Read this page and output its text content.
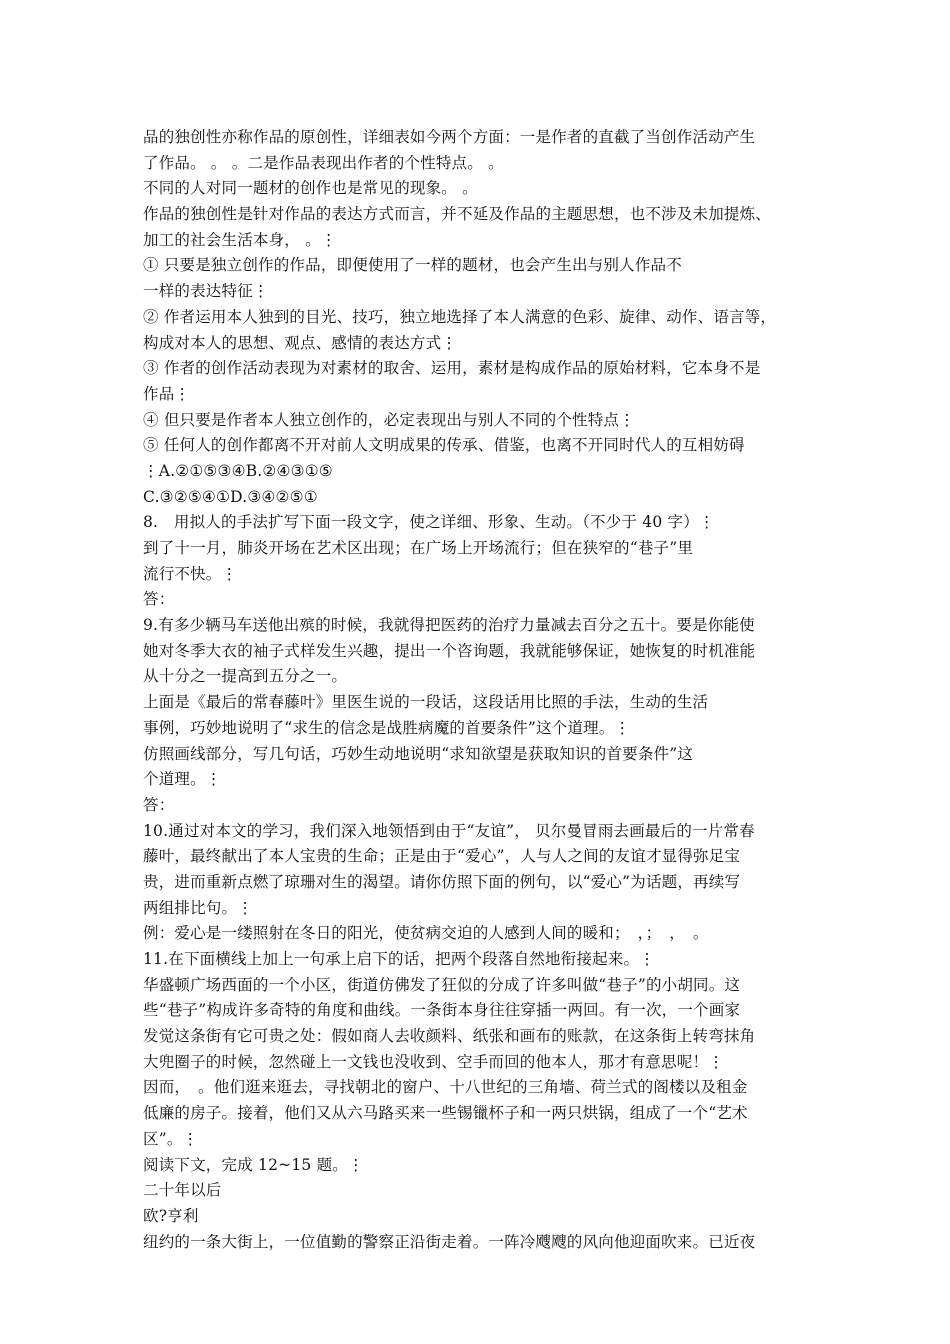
品的独创性亦称作品的原创性，详细表如今两个方面：一是作者的直截了当创作活动产生
了作品。 。 。二是作品表现出作者的个性特点。 。
不同的人对同一题材的创作也是常见的现象。 。
作品的独创性是针对作品的表达方式而言，并不延及作品的主题思想，也不涉及未加提炼、
加工的社会生活本身， 。⋮
① 只要是独立创作的作品，即便使用了一样的题材，也会产生出与别人作品不
一样的表达特征⋮
② 作者运用本人独到的目光、技巧，独立地选择了本人满意的色彩、旋律、动作、语言等，
构成对本人的思想、观点、感情的表达方式⋮
③ 作者的创作活动表现为对素材的取舍、运用，素材是构成作品的原始材料，它本身不是
作品⋮
④ 但只要是作者本人独立创作的，必定表现出与别人不同的个性特点⋮
⑤ 任何人的创作都离不开对前人文明成果的传承、借鉴，也离不开同时代人的互相妨碍
⋮A.②①⑤③④B.②④③①⑤
C.③②⑤④①D.③④②⑤①
8.　用拟人的手法扩写下面一段文字，使之详细、形象、生动。（不少于 40 字）⋮
到了十一月，肺炎开场在艺术区出现；在广场上开场流行；但在狭窄的“巷子”里
流行不快。⋮
答：
9.有多少辆马车送他出殡的时候，我就得把医药的治疗力量减去百分之五十。要是你能使
她对冬季大衣的袖子式样发生兴趣，提出一个咨询题，我就能够保证，她恢复的时机准能
从十分之一提高到五分之一。
上面是《最后的常春藤叶》里医生说的一段话，这段话用比照的手法，生动的生活
事例，巧妙地说明了“求生的信念是战胜病魔的首要条件”这个道理。⋮
仿照画线部分，写几句话，巧妙生动地说明“求知欲望是获取知识的首要条件”这
个道理。⋮
答：
10.通过对本文的学习，我们深入地领悟到由于“友谊”， 贝尔曼冒雨去画最后的一片常春
藤叶，最终献出了本人宝贵的生命；正是由于“爱心”，人与人之间的友谊才显得弥足宝
贵，进而重新点燃了琼珊对生的渴望。请你仿照下面的例句，以“爱心”为话题，再续写
两组排比句。⋮
例：爱心是一缕照射在冬日的阳光，使贫病交迫的人感到人间的暖和；　，；　，　。
11.在下面横线上加上一句承上启下的话，把两个段落自然地衔接起来。⋮
华盛顿广场西面的一个小区，街道仿佛发了狂似的分成了许多叫做“巷子”的小胡同。这
些“巷子”构成许多奇特的角度和曲线。一条街本身往往穿插一两回。有一次，一个画家
发觉这条街有它可贵之处：假如商人去收颜料、纸张和画布的账款，在这条街上转弯抹角
大兜圈子的时候，忽然碰上一文钱也没收到、空手而回的他本人，那才有意思呢！⋮
因而，　。他们逛来逛去，寻找朝北的窗户、十八世纪的三角墙、荷兰式的阁楼以及租金
低廉的房子。接着，他们又从六马路买来一些锡镴杯子和一两只烘锅，组成了一个“艺术
区”。⋮
阅读下文，完成 12~15 题。⋮
二十年以后
欧?亨利
纽约的一条大街上，一位值勤的警察正沿街走着。一阵冷飕飕的风向他迎面吹来。已近夜
